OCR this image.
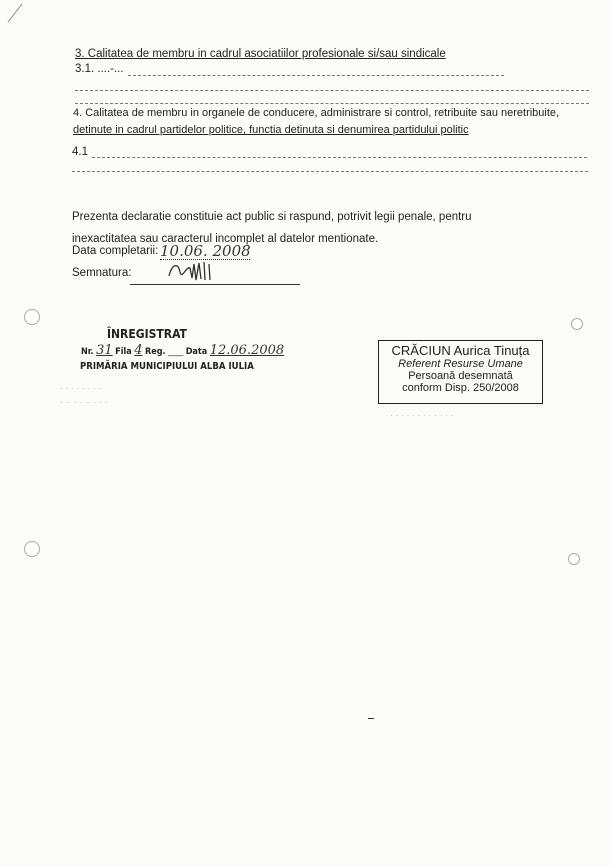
3. Calitatea de membru in cadrul asociatiilor profesionale si/sau sindicale
3.1. ....-...
4. Calitatea de membru in organele de conducere, administrare si control, retribuite sau neretribuite,
detinute in cadrul partidelor politice, functia detinuta si denumirea partidului politic
4.1
Prezenta declaratie constituie act public si raspund, potrivit legii penale, pentru
inexactitatea sau caracterul incomplet al datelor mentionate.
Data completarii: 10.06. 2008
Semnatura:
ÎNREGISTRAT
Nr. 31 Fila 4 Reg. ___ Data 12.06.2008
PRIMĂRIA MUNICIPIULUI ALBA IULIA
· · · · · · · ·
· ·· · · ·· · · ·
· · · · · · · · · · · ·
CRĂCIUN Aurica Tinuța
Referent Resurse Umane
Persoană desemnată
conform Disp. 250/2008
